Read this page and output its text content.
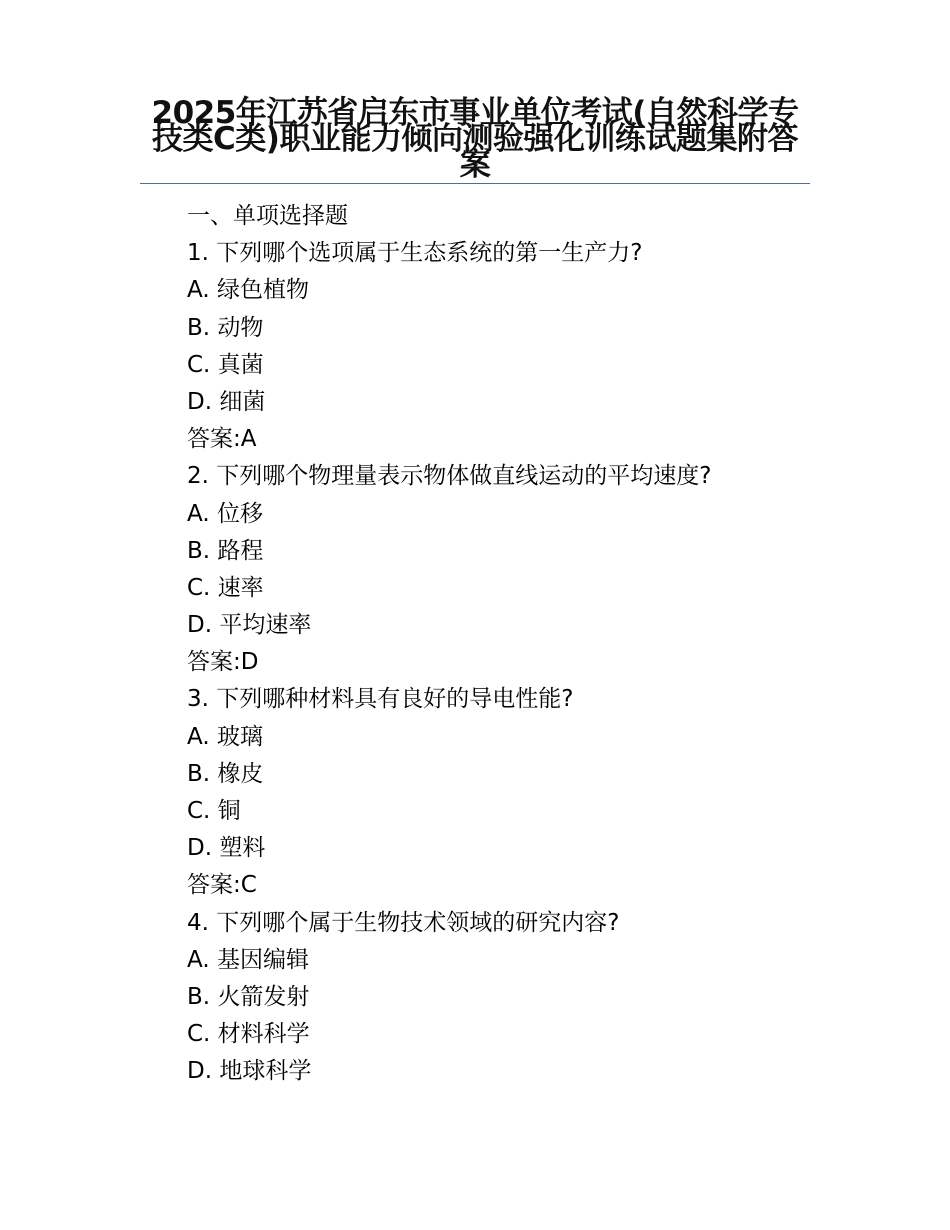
2025年江苏省启东市事业单位考试(自然科学专技类C类)职业能力倾向测验强化训练试题集附答案
一、单项选择题
1. 下列哪个选项属于生态系统的第一生产力?
A. 绿色植物
B. 动物
C. 真菌
D. 细菌
答案:A
2. 下列哪个物理量表示物体做直线运动的平均速度?
A. 位移
B. 路程
C. 速率
D. 平均速率
答案:D
3. 下列哪种材料具有良好的导电性能?
A. 玻璃
B. 橡皮
C. 铜
D. 塑料
答案:C
4. 下列哪个属于生物技术领域的研究内容?
A. 基因编辑
B. 火箭发射
C. 材料科学
D. 地球科学
